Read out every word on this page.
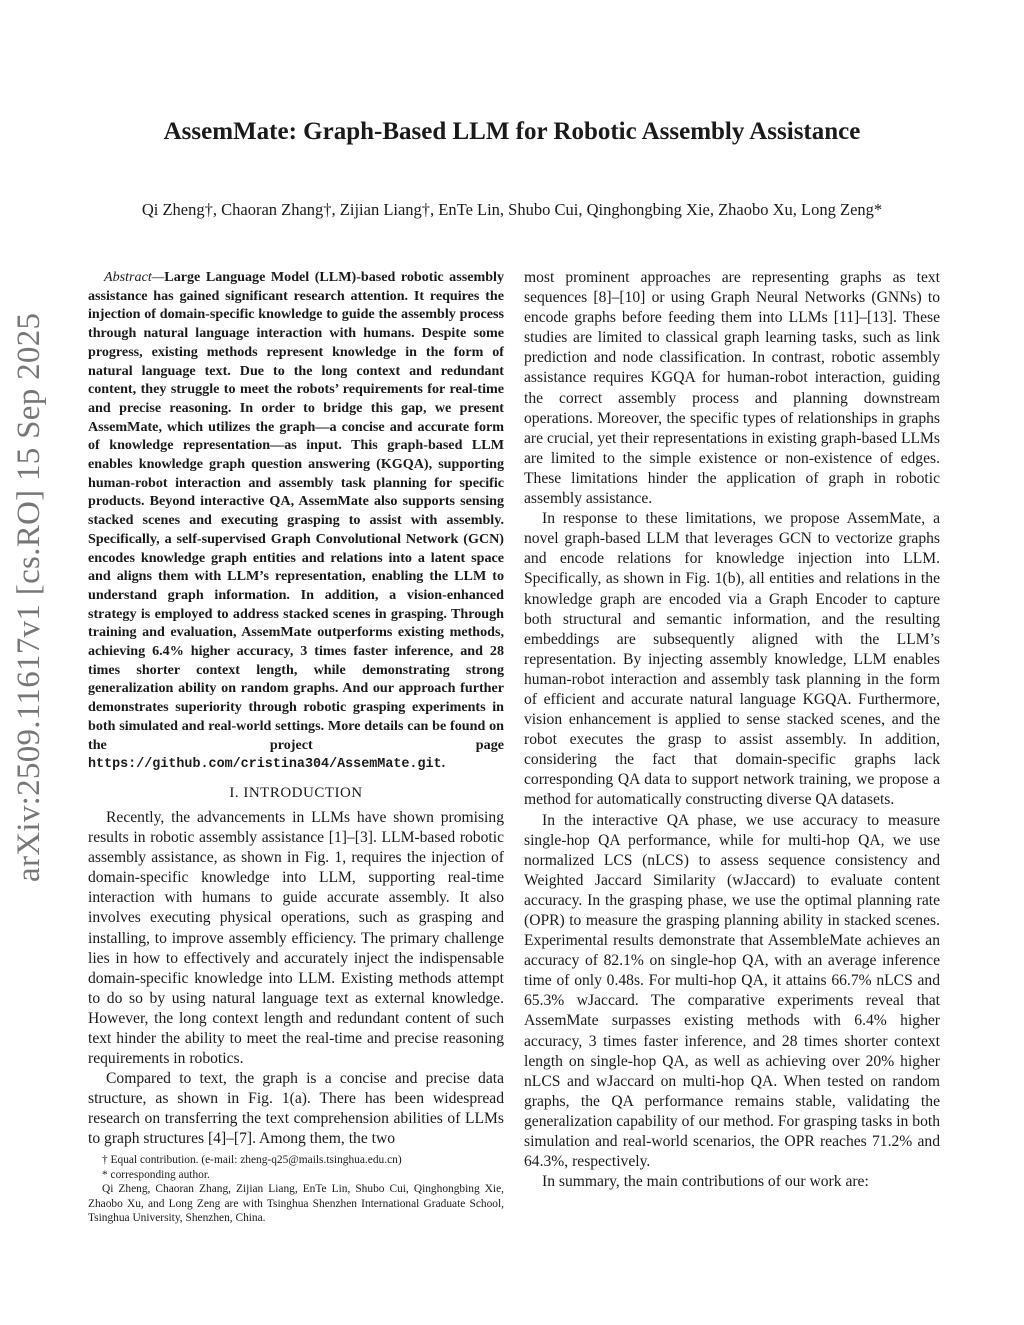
arXiv:2509.11617v1 [cs.RO] 15 Sep 2025
AssemMate: Graph-Based LLM for Robotic Assembly Assistance
Qi Zheng†, Chaoran Zhang†, Zijian Liang†, EnTe Lin, Shubo Cui, Qinghongbing Xie, Zhaobo Xu, Long Zeng*

Abstract—Large Language Model (LLM)-based robotic assembly assistance has gained significant research attention. It requires the injection of domain-specific knowledge to guide the assembly process through natural language interaction with humans. Despite some progress, existing methods represent knowledge in the form of natural language text. Due to the long context and redundant content, they struggle to meet the robots’ requirements for real-time and precise reasoning. In order to bridge this gap, we present AssemMate, which utilizes the graph—a concise and accurate form of knowledge representation—as input. This graph-based LLM enables knowledge graph question answering (KGQA), supporting human-robot interaction and assembly task planning for specific products. Beyond interactive QA, AssemMate also supports sensing stacked scenes and executing grasping to assist with assembly. Specifically, a self-supervised Graph Convolutional Network (GCN) encodes knowledge graph entities and relations into a latent space and aligns them with LLM’s representation, enabling the LLM to understand graph information. In addition, a vision-enhanced strategy is employed to address stacked scenes in grasping. Through training and evaluation, AssemMate outperforms existing methods, achieving 6.4% higher accuracy, 3 times faster inference, and 28 times shorter context length, while demonstrating strong generalization ability on random graphs. And our approach further demonstrates superiority through robotic grasping experiments in both simulated and real-world settings. More details can be found on the project page https://github.com/cristina304/AssemMate.git.

I. INTRODUCTION

Recently, the advancements in LLMs have shown promising results in robotic assembly assistance [1]–[3]. LLM-based robotic assembly assistance, as shown in Fig. 1, requires the injection of domain-specific knowledge into LLM, supporting real-time interaction with humans to guide accurate assembly. It also involves executing physical operations, such as grasping and installing, to improve assembly efficiency. The primary challenge lies in how to effectively and accurately inject the indispensable domain-specific knowledge into LLM. Existing methods attempt to do so by using natural language text as external knowledge. However, the long context length and redundant content of such text hinder the ability to meet the real-time and precise reasoning requirements in robotics.

Compared to text, the graph is a concise and precise data structure, as shown in Fig. 1(a). There has been widespread research on transferring the text comprehension abilities of LLMs to graph structures [4]–[7]. Among them, the two

† Equal contribution. (e-mail: zheng-q25@mails.tsinghua.edu.cn)

* corresponding author.

Qi Zheng, Chaoran Zhang, Zijian Liang, EnTe Lin, Shubo Cui, Qinghongbing Xie, Zhaobo Xu, and Long Zeng are with Tsinghua Shenzhen International Graduate School, Tsinghua University, Shenzhen, China.

most prominent approaches are representing graphs as text sequences [8]–[10] or using Graph Neural Networks (GNNs) to encode graphs before feeding them into LLMs [11]–[13]. These studies are limited to classical graph learning tasks, such as link prediction and node classification. In contrast, robotic assembly assistance requires KGQA for human-robot interaction, guiding the correct assembly process and planning downstream operations. Moreover, the specific types of relationships in graphs are crucial, yet their representations in existing graph-based LLMs are limited to the simple existence or non-existence of edges. These limitations hinder the application of graph in robotic assembly assistance.

In response to these limitations, we propose AssemMate, a novel graph-based LLM that leverages GCN to vectorize graphs and encode relations for knowledge injection into LLM. Specifically, as shown in Fig. 1(b), all entities and relations in the knowledge graph are encoded via a Graph Encoder to capture both structural and semantic information, and the resulting embeddings are subsequently aligned with the LLM’s representation. By injecting assembly knowledge, LLM enables human-robot interaction and assembly task planning in the form of efficient and accurate natural language KGQA. Furthermore, vision enhancement is applied to sense stacked scenes, and the robot executes the grasp to assist assembly. In addition, considering the fact that domain-specific graphs lack corresponding QA data to support network training, we propose a method for automatically constructing diverse QA datasets.

In the interactive QA phase, we use accuracy to measure single-hop QA performance, while for multi-hop QA, we use normalized LCS (nLCS) to assess sequence consistency and Weighted Jaccard Similarity (wJaccard) to evaluate content accuracy. In the grasping phase, we use the optimal planning rate (OPR) to measure the grasping planning ability in stacked scenes. Experimental results demonstrate that AssembleMate achieves an accuracy of 82.1% on single-hop QA, with an average inference time of only 0.48s. For multi-hop QA, it attains 66.7% nLCS and 65.3% wJaccard. The comparative experiments reveal that AssemMate surpasses existing methods with 6.4% higher accuracy, 3 times faster inference, and 28 times shorter context length on single-hop QA, as well as achieving over 20% higher nLCS and wJaccard on multi-hop QA. When tested on random graphs, the QA performance remains stable, validating the generalization capability of our method. For grasping tasks in both simulation and real-world scenarios, the OPR reaches 71.2% and 64.3%, respectively.

In summary, the main contributions of our work are:
